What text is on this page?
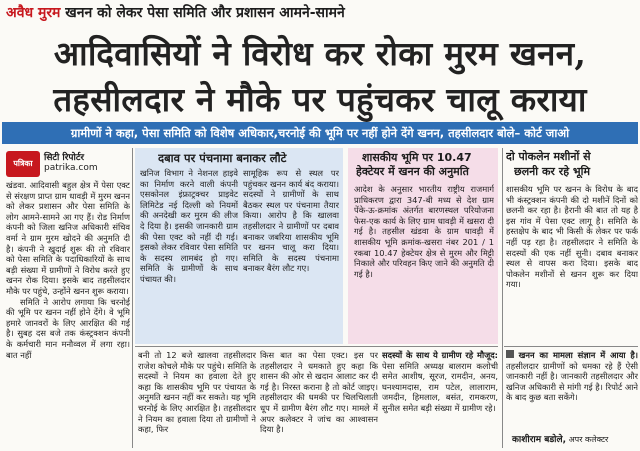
अवैध मुरम खनन को लेकर पेसा समिति और प्रशासन आमने-सामने
आदिवासियों ने विरोध कर रोका मुरम खनन,
तहसीलदार ने मौके पर पहुंचकर चालू कराया
ग्रामीणों ने कहा, पेसा समिति को विशेष अधिकार,चरनोई की भूमि पर नहीं होने देंगे खनन, तहसीलदार बोले– कोर्ट जाओ
पत्रिका
सिटी रिपोर्टर
patrika.com

खंडवा. आदिवासी बहुल क्षेत्र में पेसा एक्ट से संरक्षण प्राप्त ग्राम धावड़ी में मुरम खनन को लेकर प्रशासन और पेसा समिति के लोग आमने-सामने आ गए हैं। रोड निर्माण कंपनी को जिला खनिज अधिकारी संचिव वर्मा ने ग्राम मुरम खोदने की अनुमति दी है। कंपनी ने खुदाई शुरू की तो रविवार को पेसा समिति के पदाधिकारियों के साथ बड़ी संख्या में ग्रामीणों ने विरोध करते हुए खनन रोक दिया। इसके बाद तहसीलदार मौके पर पहुंचे, उन्होंने खनन शुरू कराया।

समिति ने आरोप लगाया कि चरनोई की भूमि पर खनन नहीं होने देंगे। वे भूमि हमारे जानवरों के लिए आरक्षित की गई है। सुबह दस बजे तक कंस्ट्रक्शन कंपनी के कर्मचारी मान मनौव्वल में लगा रहा। बात नहीं

दबाव पर पंचनामा बनाकर लौटे
खनिज विभाग ने नेशनल हाइवे का निर्माण करने वाली कंपनी एसकोनल इंफ्राट्रक्चर प्राइवेट लिमिटेड नई दिल्ली को नियमों की अनदेखी कर मुरम की लीज दे दिया है। इसकी जानकारी ग्राम की पेसा एक्ट को नहीं दी गई। इसको लेकर रविवार पेसा समिति के सदस्य लामबंद हो गए। समिति के ग्रामीणों के साथ पंचायत की।
सामूहिक रूप से स्थल पर पहुंचकर खनन कार्य बंद कराया। सदस्यों ने ग्रामीणों के साथ बैठकर स्थल पर पंचनामा तैयार किया। आरोप है कि खालवा तहसीलदार ने ग्रामीणों पर दबाव बनाकर जबरिया शासकीय भूमि पर खनन चालू करा दिया। समिति के सदस्य पंचनामा बनाकर बैरंग लौट गए।
शासकीय भूमि पर 10.47
हेक्टेयर में खनन की अनुमति
आदेश के अनुसार भारतीय राष्ट्रीय राजमार्ग प्राधिकरण द्वारा 347-बी मध्य से देश ग्राम पेंके-ऊ-क्रमांक अंतर्गत बारणस्थल परियोजना फेस-एक कार्य के लिए ग्राम धावड़ी में खसरा दी गई है। तहसील खंडवा के ग्राम धावड़ी में शासकीय भूमि क्रमांक-खसरा नंबर 201 / 1 रकबा 10.47 हेक्टेयर क्षेत्र से मुरम और मिट्टी निकाले और परिवहन किए जाने की अनुमति दी गई है।
दो पोकलेन मशीनों से
छलनी कर रहे भूमि
शासकीय भूमि पर खनन के विरोध के बाद भी कंस्ट्रक्शन कंपनी की दो मशीनें दिनों को छलनी कर रहा है। हैरानी की बात तो यह है इस गांव में पेसा एक्ट लागू है। समिति के हस्तक्षेप के बाद भी किसी के लेकर पर फर्क नहीं पड़ रहा है। तहसीलदार ने समिति के सदस्यों की एक नहीं सुनी। दबाव बनाकर स्थल से वापस करा दिया। इसके बाद पोकलेन मशीनों से खनन शुरू कर दिया गया।
बनी तो 12 बजे खालवा तहसीलदार राजेश कोचले मौके पर पहुंचे। समिति के सदस्यों ने नियम का हवाला देते हुए कहा कि शासकीय भूमि पर पंचायत के अनुमति खनन नहीं कर सकते। यह भूमि चरनोई के लिए आरक्षित है। तहसीलदार ने नियम का हवाला दिया तो ग्रामीणों ने कहा, फिर
किस बात का पेसा एक्ट। इस पर तहसीलदार ने धमकाते हुए कहा कि शासन की ओर से खदान आलाट कर दी गई है। निरस्त कराना है तो कोर्ट जाइए। तहसीलदार की धमकी पर चिलचिलाती धूप में ग्रामीण बैरंग लौट गए। मामले में अपर कलेक्टर ने जांच का आश्वासन दिया है।
सदस्यों के साथ ये ग्रामीण रहे मौजूद: पेसा समिति अध्यक्ष बालराम कलोची समेत आशीष, सूरज, रामदीन, अनय, घनश्यामदास, राम पटेल, लालाराम, जमदीन, हिमलाल, बसंत, रामकरण, सुनील समेत बड़ी संख्या में ग्रामीण रहे।
खनन का मामला संज्ञान में आया है। तहसीलदार ग्रामीणों को धमका रहे हैं ऐसी जानकारी नहीं है। जानकारी तहसीलदार और खनिज अधिकारी से मांगी गई है। रिपोर्ट आने के बाद कुछ बता सकेंगे।
काशीराम बडोले, अपर कलेक्टर
